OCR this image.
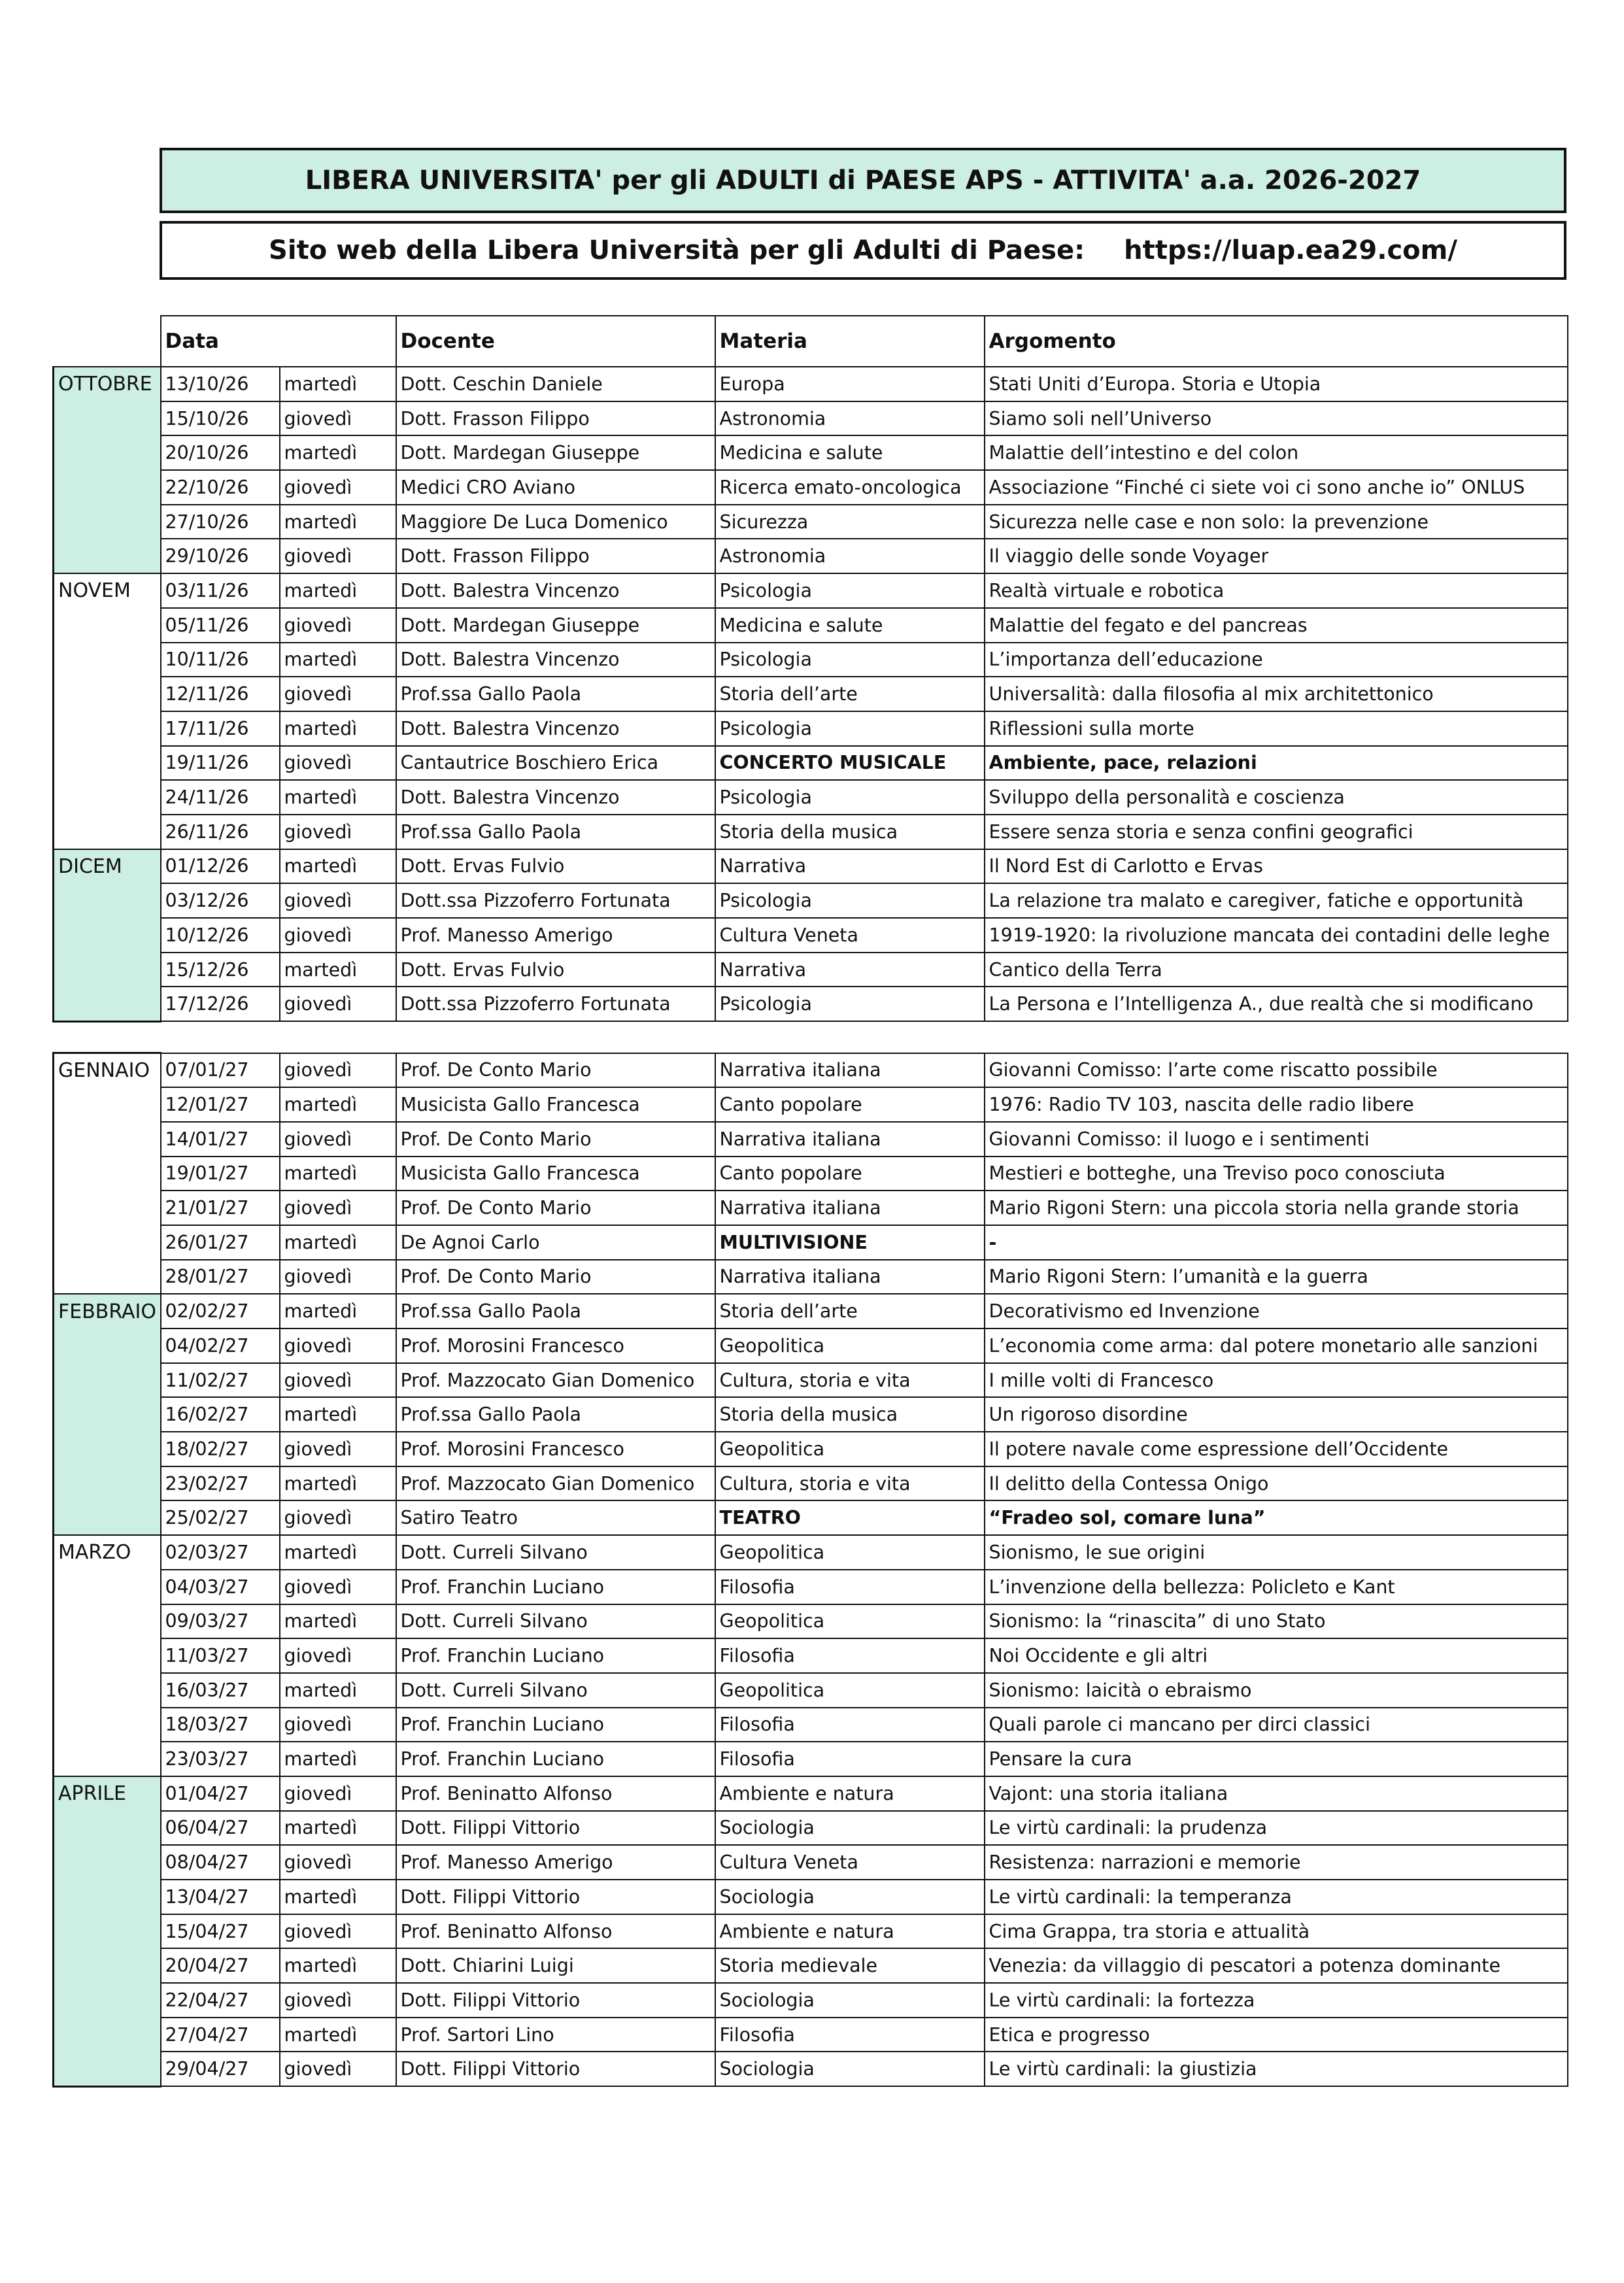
LIBERA UNIVERSITA' per gli ADULTI di PAESE APS - ATTIVITA' a.a. 2026-2027
Sito web della Libera Università per gli Adulti di Paese: https://luap.ea29.com/
	Data		Docente	Materia	Argomento
OTTOBRE	13/10/26	martedì	Dott. Ceschin Daniele	Europa	Stati Uniti d’Europa. Storia e Utopia
	15/10/26	giovedì	Dott. Frasson Filippo	Astronomia	Siamo soli nell’Universo
	20/10/26	martedì	Dott. Mardegan Giuseppe	Medicina e salute	Malattie dell’intestino e del colon
	22/10/26	giovedì	Medici CRO Aviano	Ricerca emato-oncologica	Associazione “Finché ci siete voi ci sono anche io” ONLUS
	27/10/26	martedì	Maggiore De Luca Domenico	Sicurezza	Sicurezza nelle case e non solo: la prevenzione
	29/10/26	giovedì	Dott. Frasson Filippo	Astronomia	Il viaggio delle sonde Voyager
NOVEM	03/11/26	martedì	Dott. Balestra Vincenzo	Psicologia	Realtà virtuale e robotica
	05/11/26	giovedì	Dott. Mardegan Giuseppe	Medicina e salute	Malattie del fegato e del pancreas
	10/11/26	martedì	Dott. Balestra Vincenzo	Psicologia	L’importanza dell’educazione
	12/11/26	giovedì	Prof.ssa Gallo Paola	Storia dell’arte	Universalità: dalla filosofia al mix architettonico
	17/11/26	martedì	Dott. Balestra Vincenzo	Psicologia	Riflessioni sulla morte
	19/11/26	giovedì	Cantautrice Boschiero Erica	CONCERTO MUSICALE	Ambiente, pace, relazioni
	24/11/26	martedì	Dott. Balestra Vincenzo	Psicologia	Sviluppo della personalità e coscienza
	26/11/26	giovedì	Prof.ssa Gallo Paola	Storia della musica	Essere senza storia e senza confini geografici
DICEM	01/12/26	martedì	Dott. Ervas Fulvio	Narrativa	Il Nord Est di Carlotto e Ervas
	03/12/26	giovedì	Dott.ssa Pizzoferro Fortunata	Psicologia	La relazione tra malato e caregiver, fatiche e opportunità
	10/12/26	giovedì	Prof. Manesso Amerigo	Cultura Veneta	1919-1920: la rivoluzione mancata dei contadini delle leghe
	15/12/26	martedì	Dott. Ervas Fulvio	Narrativa	Cantico della Terra
	17/12/26	giovedì	Dott.ssa Pizzoferro Fortunata	Psicologia	La Persona e l’Intelligenza A., due realtà che si modificano
GENNAIO	07/01/27	giovedì	Prof. De Conto Mario	Narrativa italiana	Giovanni Comisso: l’arte come riscatto possibile
	12/01/27	martedì	Musicista Gallo Francesca	Canto popolare	1976: Radio TV 103, nascita delle radio libere
	14/01/27	giovedì	Prof. De Conto Mario	Narrativa italiana	Giovanni Comisso: il luogo e i sentimenti
	19/01/27	martedì	Musicista Gallo Francesca	Canto popolare	Mestieri e botteghe, una Treviso poco conosciuta
	21/01/27	giovedì	Prof. De Conto Mario	Narrativa italiana	Mario Rigoni Stern: una piccola storia nella grande storia
	26/01/27	martedì	De Agnoi Carlo	MULTIVISIONE	-
	28/01/27	giovedì	Prof. De Conto Mario	Narrativa italiana	Mario Rigoni Stern: l’umanità e la guerra
FEBBRAIO	02/02/27	martedì	Prof.ssa Gallo Paola	Storia dell’arte	Decorativismo ed Invenzione
	04/02/27	giovedì	Prof. Morosini Francesco	Geopolitica	L’economia come arma: dal potere monetario alle sanzioni
	11/02/27	giovedì	Prof. Mazzocato Gian Domenico	Cultura, storia e vita	I mille volti di Francesco
	16/02/27	martedì	Prof.ssa Gallo Paola	Storia della musica	Un rigoroso disordine
	18/02/27	giovedì	Prof. Morosini Francesco	Geopolitica	Il potere navale come espressione dell’Occidente
	23/02/27	martedì	Prof. Mazzocato Gian Domenico	Cultura, storia e vita	Il delitto della Contessa Onigo
	25/02/27	giovedì	Satiro Teatro	TEATRO	“Fradeo sol, comare luna”
MARZO	02/03/27	martedì	Dott. Curreli Silvano	Geopolitica	Sionismo, le sue origini
	04/03/27	giovedì	Prof. Franchin Luciano	Filosofia	L’invenzione della bellezza: Policleto e Kant
	09/03/27	martedì	Dott. Curreli Silvano	Geopolitica	Sionismo: la “rinascita” di uno Stato
	11/03/27	giovedì	Prof. Franchin Luciano	Filosofia	Noi Occidente e gli altri
	16/03/27	martedì	Dott. Curreli Silvano	Geopolitica	Sionismo: laicità o ebraismo
	18/03/27	giovedì	Prof. Franchin Luciano	Filosofia	Quali parole ci mancano per dirci classici
	23/03/27	martedì	Prof. Franchin Luciano	Filosofia	Pensare la cura
APRILE	01/04/27	giovedì	Prof. Beninatto Alfonso	Ambiente e natura	Vajont: una storia italiana
	06/04/27	martedì	Dott. Filippi Vittorio	Sociologia	Le virtù cardinali: la prudenza
	08/04/27	giovedì	Prof. Manesso Amerigo	Cultura Veneta	Resistenza: narrazioni e memorie
	13/04/27	martedì	Dott. Filippi Vittorio	Sociologia	Le virtù cardinali: la temperanza
	15/04/27	giovedì	Prof. Beninatto Alfonso	Ambiente e natura	Cima Grappa, tra storia e attualità
	20/04/27	martedì	Dott. Chiarini Luigi	Storia medievale	Venezia: da villaggio di pescatori a potenza dominante
	22/04/27	giovedì	Dott. Filippi Vittorio	Sociologia	Le virtù cardinali: la fortezza
	27/04/27	martedì	Prof. Sartori Lino	Filosofia	Etica e progresso
	29/04/27	giovedì	Dott. Filippi Vittorio	Sociologia	Le virtù cardinali: la giustizia
